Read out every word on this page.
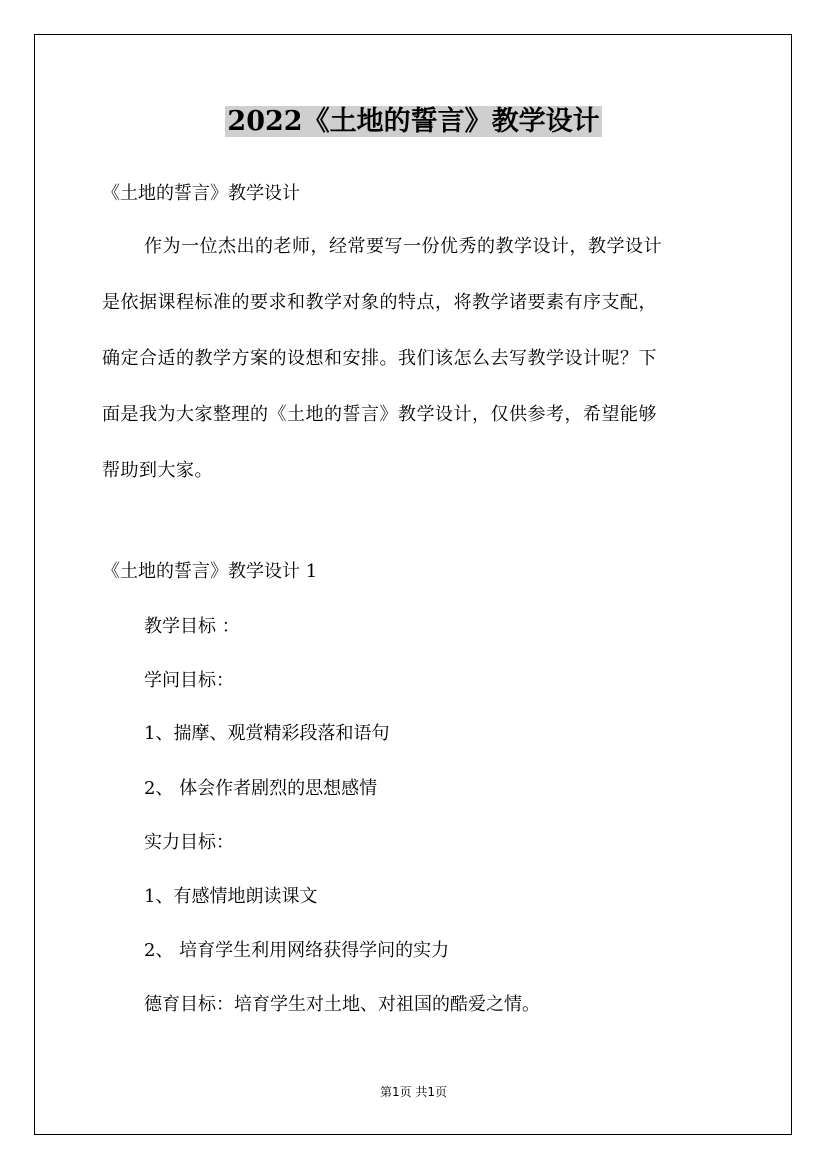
2022《土地的誓言》教学设计
《土地的誓言》教学设计
作为一位杰出的老师，经常要写一份优秀的教学设计，教学设计
是依据课程标准的要求和教学对象的特点，将教学诸要素有序支配，
确定合适的教学方案的设想和安排。我们该怎么去写教学设计呢？下
面是我为大家整理的《土地的誓言》教学设计，仅供参考，希望能够
帮助到大家。
《土地的誓言》教学设计 1
教学目标 ：
学问目标：
1、揣摩、观赏精彩段落和语句
2、 体会作者剧烈的思想感情
实力目标：
1、有感情地朗读课文
2、 培育学生利用网络获得学问的实力
德育目标：培育学生对土地、对祖国的酷爱之情。
第1页 共1页
